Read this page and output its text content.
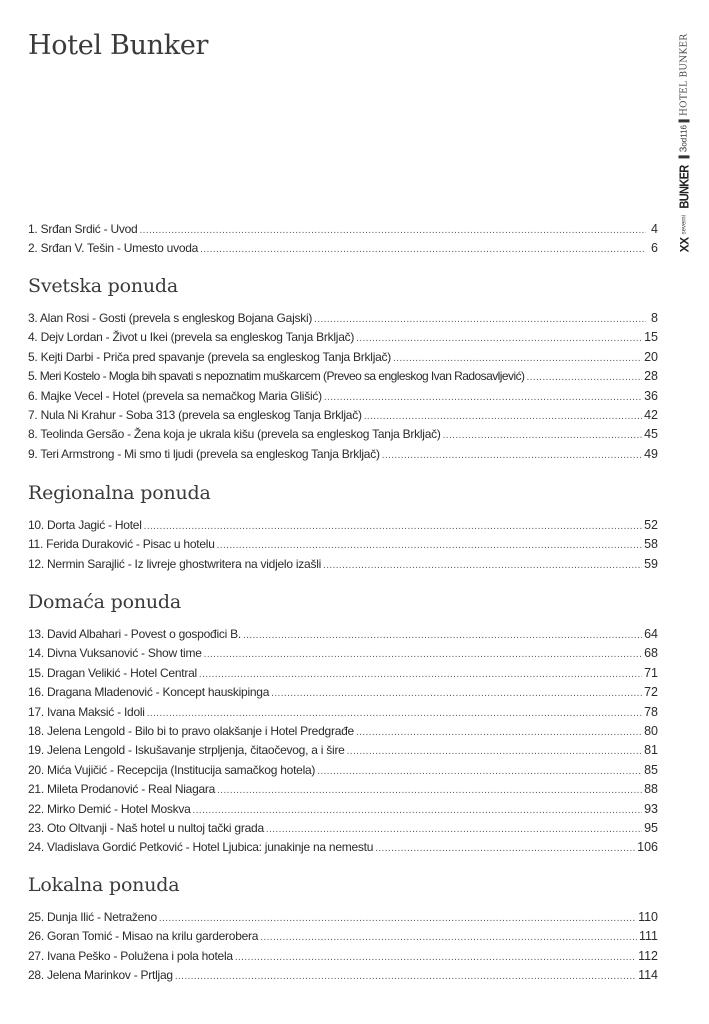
Hotel Bunker
XX
severni
BUNKER
3od116
HOTEL BUNKER
1. Srđan Srdić - Uvod .....	4
2. Srđan V. Tešin - Umesto uvoda .....	6
Svetska ponuda
3. Alan Rosi - Gosti (prevela s engleskog Bojana Gajski) .....	8
4. Dejv Lordan - Život u Ikei (prevela sa engleskog Tanja Brkljač) .....	15
5. Kejti Darbi - Priča pred spavanje (prevela sa engleskog Tanja Brkljač) .....	20
5. Meri Kostelo - Mogla bih spavati s nepoznatim muškarcem (Preveo sa engleskog Ivan Radosavljević) .....	28
6. Majke Vecel - Hotel (prevela sa nemačkog Maria Glišić) .....	36
7. Nula Ni Krahur - Soba 313 (prevela sa engleskog Tanja Brkljač) .....	42
8. Teolinda Gersão - Žena koja je ukrala kišu (prevela sa engleskog Tanja Brkljač) .....	45
9. Teri Armstrong - Mi smo ti ljudi (prevela sa engleskog Tanja Brkljač) .....	49
Regionalna ponuda
10. Dorta Jagić - Hotel .....	52
11. Ferida Duraković - Pisac u hotelu .....	58
12. Nermin Sarajlić - Iz livreje ghostwritera na vidjelo izašli .....	59
Domaća ponuda
13. David Albahari - Povest o gospođici B. .....	64
14. Divna Vuksanović - Show time .....	68
15. Dragan Velikić - Hotel Central .....	71
16. Dragana Mladenović - Koncept hauskipinga .....	72
17. Ivana Maksić - Idoli .....	78
18. Jelena Lengold - Bilo bi to pravo olakšanje i Hotel Predgrađe .....	80
19. Jelena Lengold - Iskušavanje strpljenja, čitaočevog, a i šire .....	81
20. Mića Vujičić - Recepcija (Institucija samačkog hotela) .....	85
21. Mileta Prodanović - Real Niagara .....	88
22. Mirko Demić - Hotel Moskva .....	93
23. Oto Oltvanji - Naš hotel u nultoj tački grada .....	95
24. Vladislava Gordić Petković - Hotel Ljubica: junakinje na nemestu .....	106
Lokalna ponuda
25. Dunja Ilić - Netraženo .....	110
26. Goran Tomić - Misao na krilu garderobera .....	111
27. Ivana Peško - Poluženа i pola hotela .....	112
28. Jelena Marinkov - Prtljag .....	114
